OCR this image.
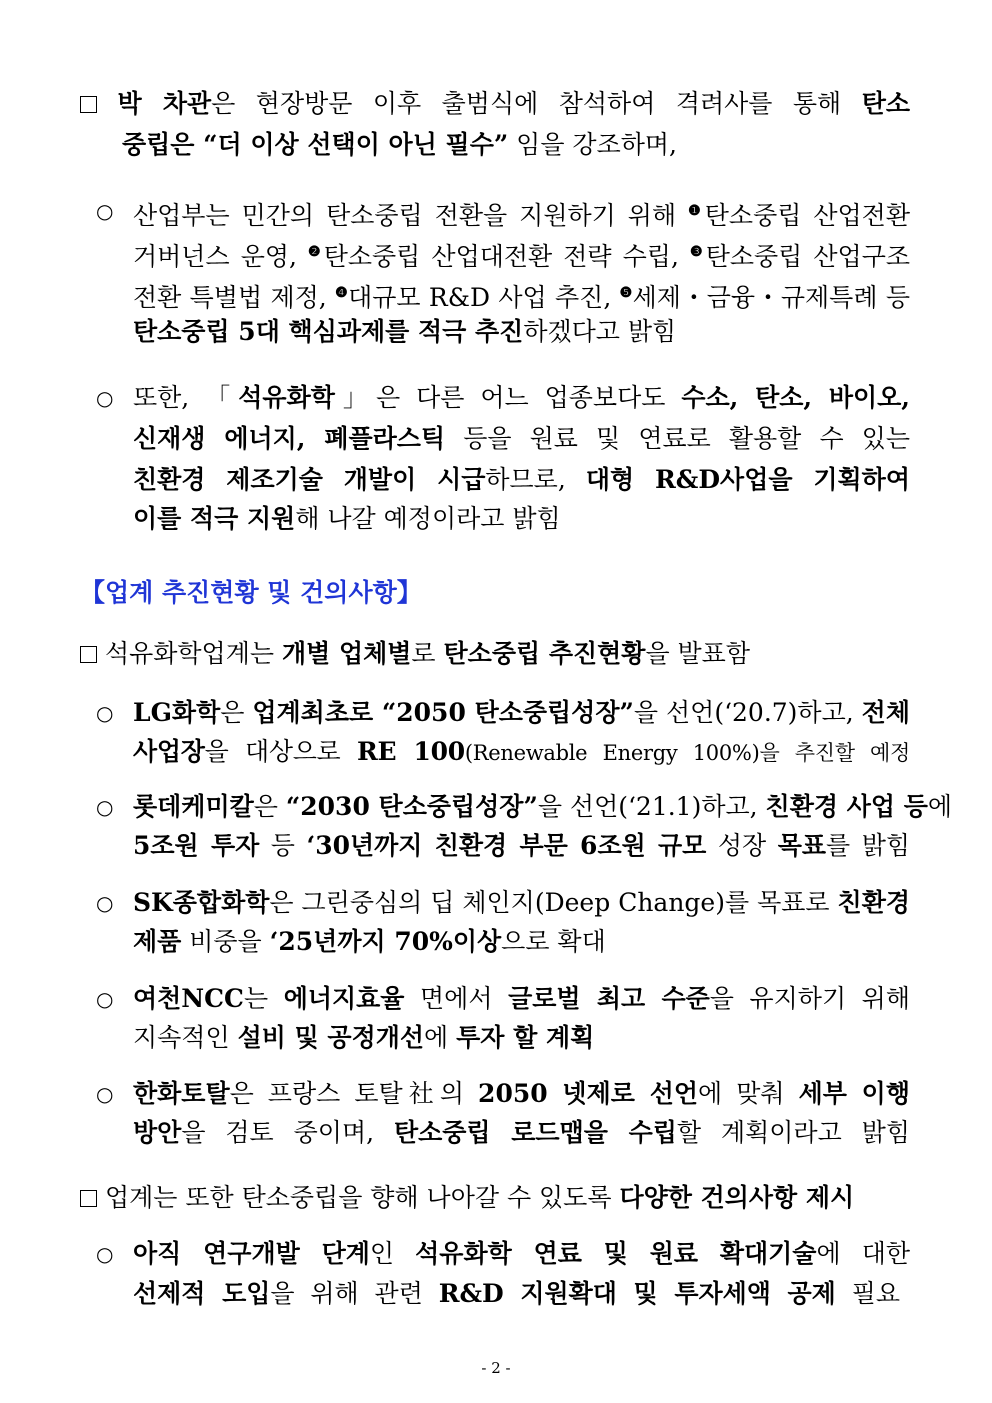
박 차관은 현장방문 이후 출범식에 참석하여 격려사를 통해 탄소
중립은 “더 이상 선택이 아닌 필수” 임을 강조하며,
○ 산업부는 민간의 탄소중립 전환을 지원하기 위해 $^❶$탄소중립 산업전환
거버넌스 운영, $^❷$탄소중립 산업대전환 전략 수립, $^❸$탄소중립 산업구조
전환 특별법 제정, $^❹$대규모 R&D 사업 추진, $^❺$세제・금융・규제특례 등
탄소중립 5대 핵심과제를 적극 추진하겠다고 밝힘
○ 또한, 「석유화학」은 다른 어느 업종보다도 수소, 탄소, 바이오,
신재생 에너지, 폐플라스틱 등을 원료 및 연료로 활용할 수 있는
친환경 제조기술 개발이 시급하므로, 대형 R&D사업을 기획하여
이를 적극 지원해 나갈 예정이라고 밝힘
【업계 추진현황 및 건의사항】
석유화학업계는 개별 업체별로 탄소중립 추진현황을 발표함
○ LG화학은 업계최초로 “2050 탄소중립성장”을 선언(‘20.7)하고, 전체
사업장을 대상으로 RE 100(Renewable Energy 100%)을 추진할 예정
○ 롯데케미칼은 “2030 탄소중립성장”을 선언(‘21.1)하고, 친환경 사업 등에
5조원 투자 등 ‘30년까지 친환경 부문 6조원 규모 성장 목표를 밝힘
○ SK종합화학은 그린중심의 딥 체인지(Deep Change)를 목표로 친환경
제품 비중을 ‘25년까지 70%이상으로 확대
○ 여천NCC는 에너지효율 면에서 글로벌 최고 수준을 유지하기 위해
지속적인 설비 및 공정개선에 투자 할 계획
○ 한화토탈은 프랑스 토탈社의 2050 넷제로 선언에 맞춰 세부 이행
방안을 검토 중이며, 탄소중립 로드맵을 수립할 계획이라고 밝힘
업계는 또한 탄소중립을 향해 나아갈 수 있도록 다양한 건의사항 제시
○ 아직 연구개발 단계인 석유화학 연료 및 원료 확대기술에 대한
선제적 도입을 위해 관련 R&D 지원확대 및 투자세액 공제 필요
- 2 -
